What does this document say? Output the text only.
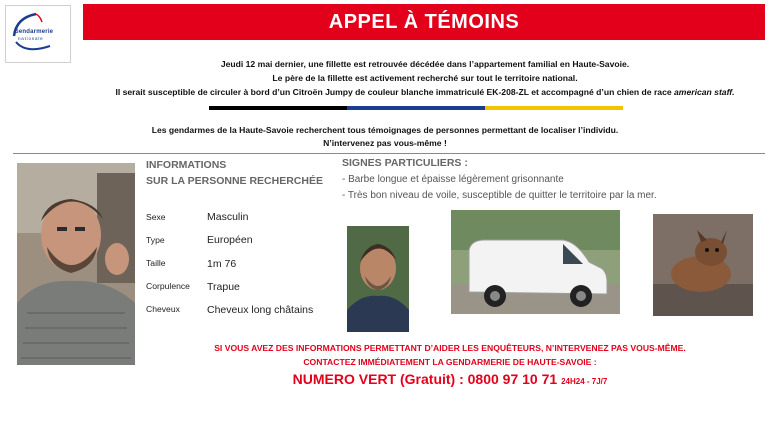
Gendarmerie
nationale
APPEL À TÉMOINS
Jeudi 12 mai dernier, une fillette est retrouvée décédée dans l’appartement familial en Haute-Savoie.
Le père de la fillette est activement recherché sur tout le territoire national.
Il serait susceptible de circuler à bord d’un Citroën Jumpy de couleur blanche immatriculé EK-208-ZL et accompagné d’un chien de race american staff.
Les gendarmes de la Haute-Savoie recherchent tous témoignages de personnes permettant de localiser l’individu.
N’intervenez pas vous-même !
INFORMATIONS
SUR LA PERSONNE RECHERCHÉE
Sexe	Masculin
Type	Européen
Taille	1m 76
Corpulence Trapue
Cheveux	Cheveux long châtains
SIGNES PARTICULIERS :
- Barbe longue et épaisse légèrement grisonnante
- Très bon niveau de voile, susceptible de quitter le territoire par la mer.
SI VOUS AVEZ DES INFORMATIONS PERMETTANT D’AIDER LES ENQUÊTEURS, N’INTERVENEZ PAS VOUS-MÊME.
CONTACTEZ IMMÉDIATEMENT LA GENDARMERIE DE HAUTE-SAVOIE :
NUMERO VERT (Gratuit) : 0800 97 10 71 24H24 - 7J/7
